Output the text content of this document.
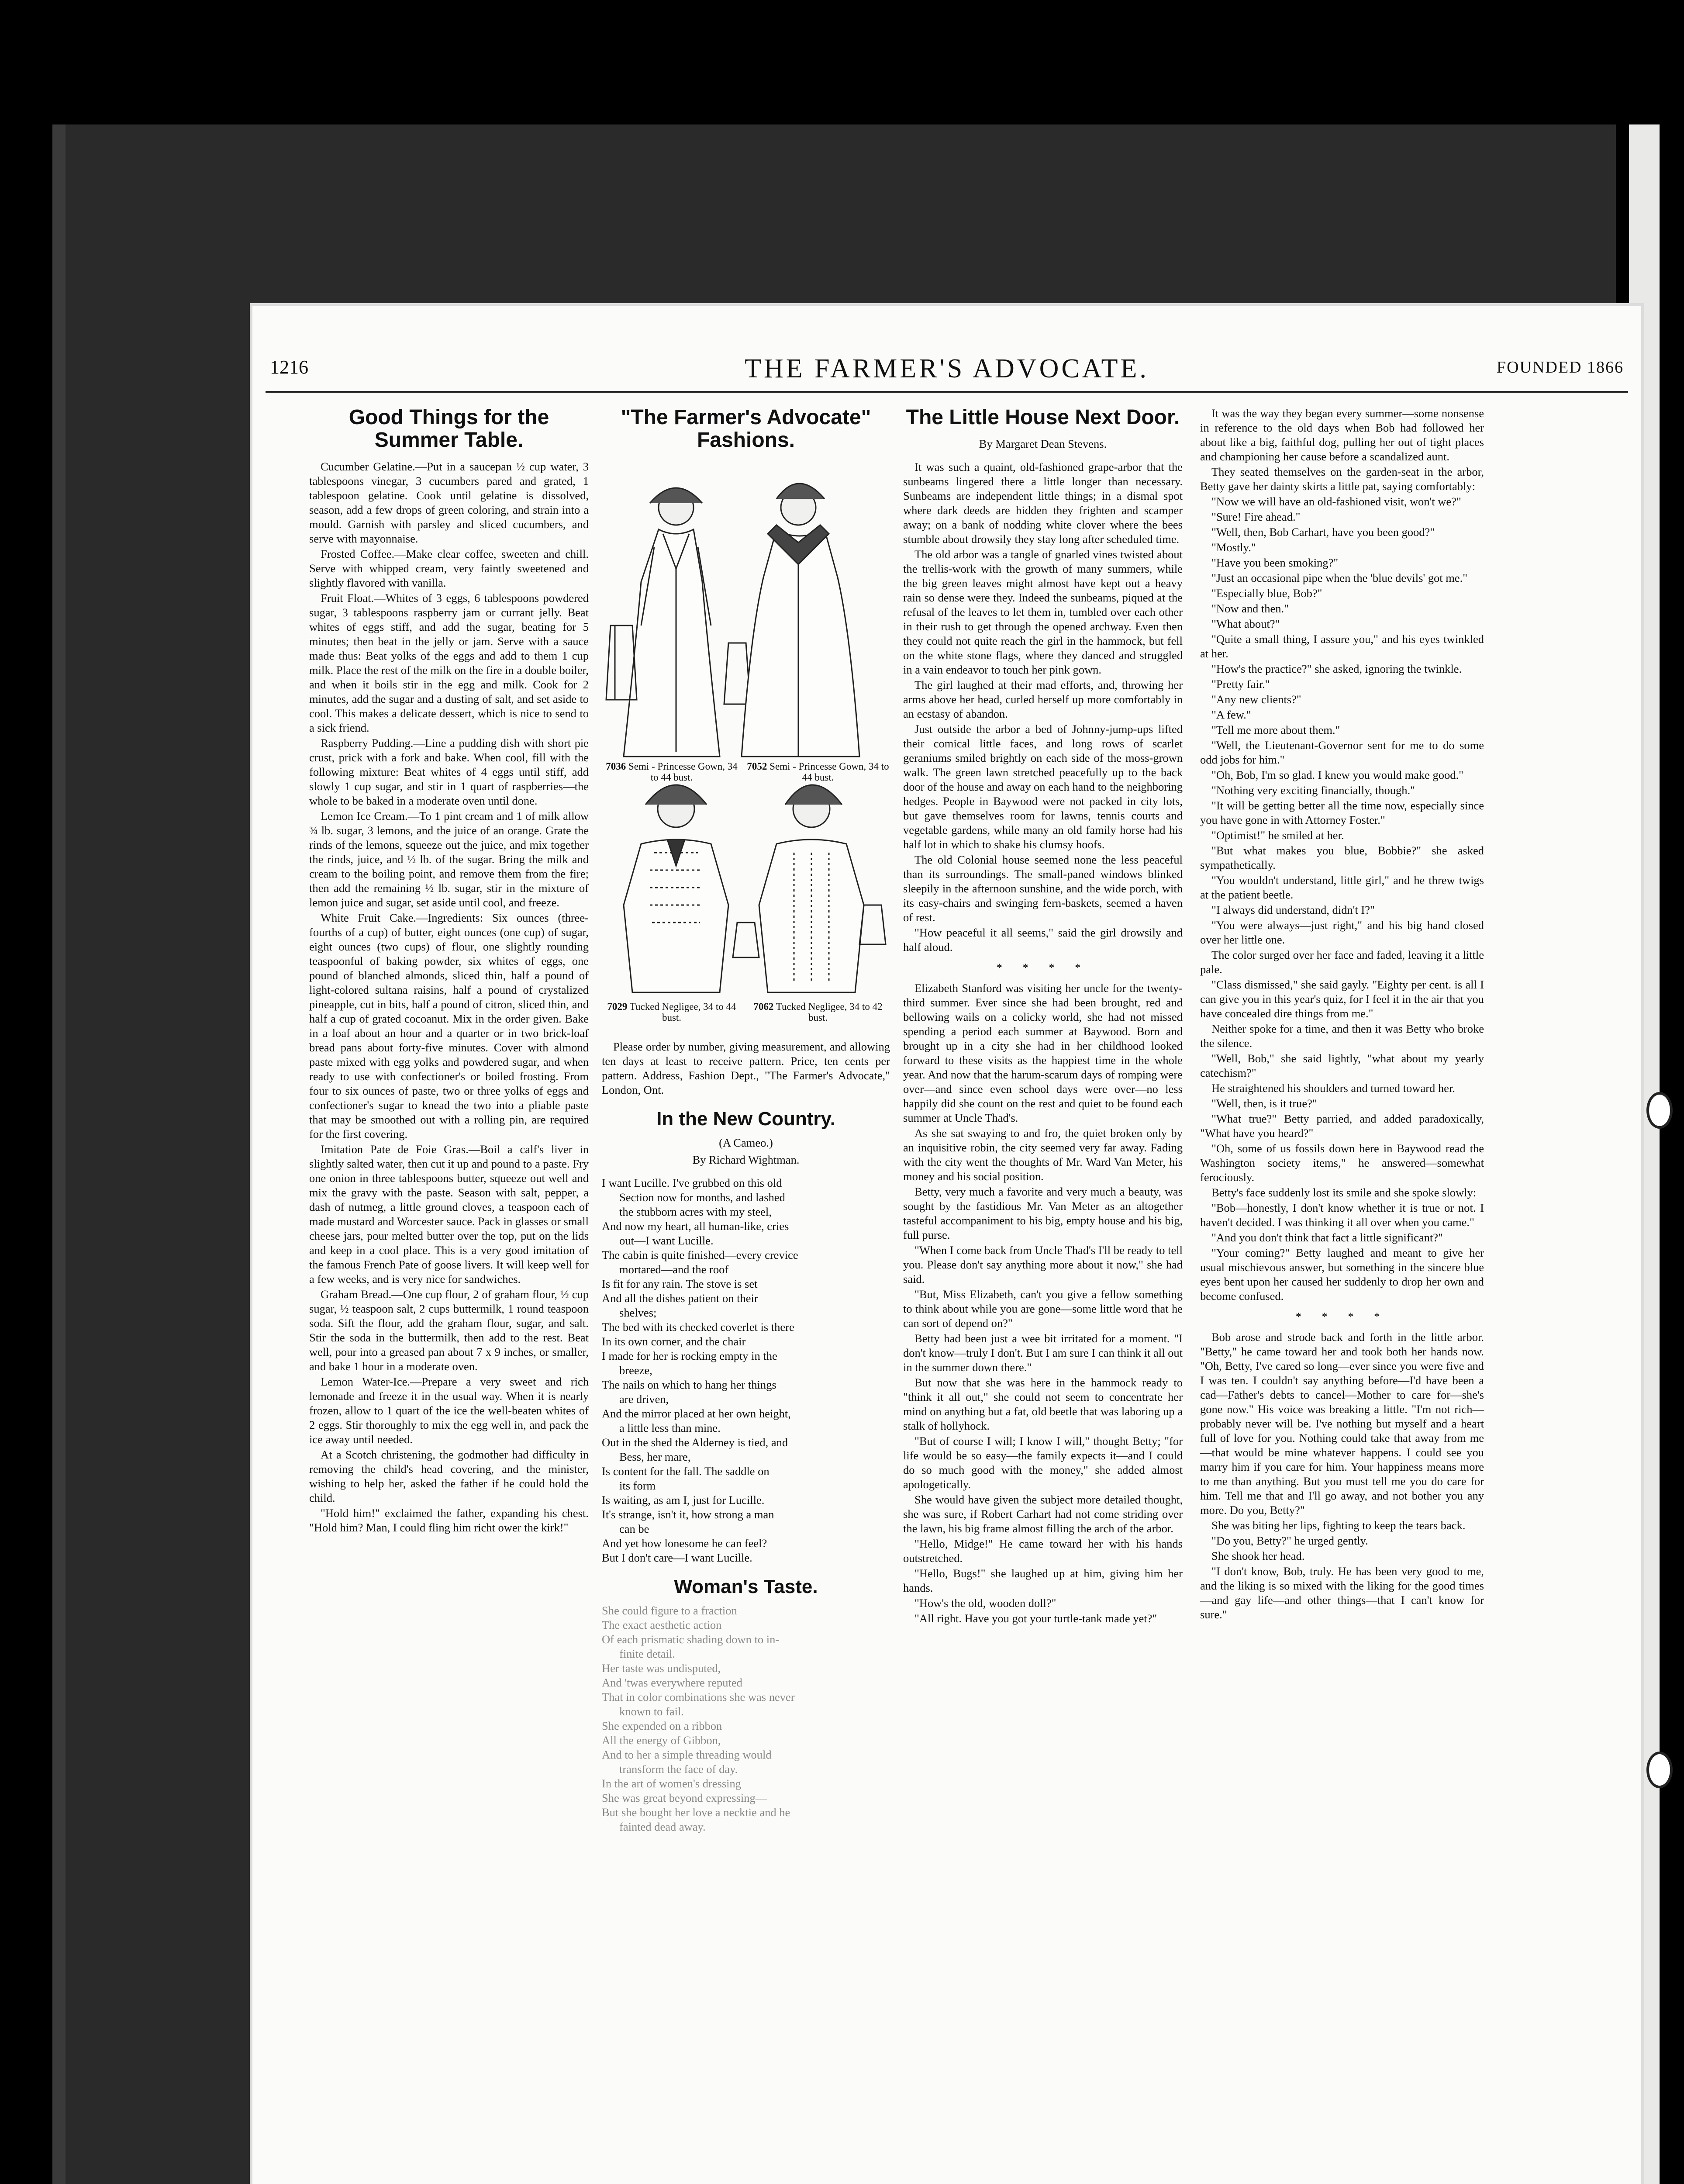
1216	THE FARMER'S ADVOCATE.	FOUNDED 1866
Good Things for the Summer Table.

Cucumber Gelatine.—Put in a saucepan ½ cup water, 3 tablespoons vinegar, 3 cucumbers pared and grated, 1 tablespoon gelatine. Cook until gelatine is dissolved, season, add a few drops of green coloring, and strain into a mould. Garnish with parsley and sliced cucumbers, and serve with mayonnaise.

Frosted Coffee.—Make clear coffee, sweeten and chill. Serve with whipped cream, very faintly sweetened and slightly flavored with vanilla.

Fruit Float.—Whites of 3 eggs, 6 tablespoons powdered sugar, 3 tablespoons raspberry jam or currant jelly. Beat whites of eggs stiff, and add the sugar, beating for 5 minutes; then beat in the jelly or jam. Serve with a sauce made thus: Beat yolks of the eggs and add to them 1 cup milk. Place the rest of the milk on the fire in a double boiler, and when it boils stir in the egg and milk. Cook for 2 minutes, add the sugar and a dusting of salt, and set aside to cool. This makes a delicate dessert, which is nice to send to a sick friend.

Raspberry Pudding.—Line a pudding dish with short pie crust, prick with a fork and bake. When cool, fill with the following mixture: Beat whites of 4 eggs until stiff, add slowly 1 cup sugar, and stir in 1 quart of raspberries—the whole to be baked in a moderate oven until done.

Lemon Ice Cream.—To 1 pint cream and 1 of milk allow ¾ lb. sugar, 3 lemons, and the juice of an orange. Grate the rinds of the lemons, squeeze out the juice, and mix together the rinds, juice, and ½ lb. of the sugar. Bring the milk and cream to the boiling point, and remove them from the fire; then add the remaining ½ lb. sugar, stir in the mixture of lemon juice and sugar, set aside until cool, and freeze.

White Fruit Cake.—Ingredients: Six ounces (three-fourths of a cup) of butter, eight ounces (one cup) of sugar, eight ounces (two cups) of flour, one slightly rounding teaspoonful of baking powder, six whites of eggs, one pound of blanched almonds, sliced thin, half a pound of light-colored sultana raisins, half a pound of crystalized pineapple, cut in bits, half a pound of citron, sliced thin, and half a cup of grated cocoanut. Mix in the order given. Bake in a loaf about an hour and a quarter or in two brick-loaf bread pans about forty-five minutes. Cover with almond paste mixed with egg yolks and powdered sugar, and when ready to use with confectioner's or boiled frosting. From four to six ounces of paste, two or three yolks of eggs and confectioner's sugar to knead the two into a pliable paste that may be smoothed out with a rolling pin, are required for the first covering.

Imitation Pate de Foie Gras.—Boil a calf's liver in slightly salted water, then cut it up and pound to a paste. Fry one onion in three tablespoons butter, squeeze out well and mix the gravy with the paste. Season with salt, pepper, a dash of nutmeg, a little ground cloves, a teaspoon each of made mustard and Worcester sauce. Pack in glasses or small cheese jars, pour melted butter over the top, put on the lids and keep in a cool place. This is a very good imitation of the famous French Pate of goose livers. It will keep well for a few weeks, and is very nice for sandwiches.

Graham Bread.—One cup flour, 2 of graham flour, ½ cup sugar, ½ teaspoon salt, 2 cups buttermilk, 1 round teaspoon soda. Sift the flour, add the graham flour, sugar, and salt. Stir the soda in the buttermilk, then add to the rest. Beat well, pour into a greased pan about 7 x 9 inches, or smaller, and bake 1 hour in a moderate oven.

Lemon Water-Ice.—Prepare a very sweet and rich lemonade and freeze it in the usual way. When it is nearly frozen, allow to 1 quart of the ice the well-beaten whites of 2 eggs. Stir thoroughly to mix the egg well in, and pack the ice away until needed.

At a Scotch christening, the godmother had difficulty in removing the child's head covering, and the minister, wishing to help her, asked the father if he could hold the child.

"Hold him!" exclaimed the father, expanding his chest. "Hold him? Man, I could fling him richt ower the kirk!"

"The Farmer's Advocate" Fashions.
7036 Semi - Princesse Gown, 34 to 44 bust.
7052 Semi - Princesse Gown, 34 to 44 bust.
7029 Tucked Negligee, 34 to 44 bust.
7062 Tucked Negligee, 34 to 42 bust.

Please order by number, giving measurement, and allowing ten days at least to receive pattern. Price, ten cents per pattern. Address, Fashion Dept., "The Farmer's Advocate," London, Ont.

In the New Country.
(A Cameo.)
By Richard Wightman.
I want Lucille. I've grubbed on this old
Section now for months, and lashed
the stubborn acres with my steel,
And now my heart, all human-like, cries
out—I want Lucille.
The cabin is quite finished—every crevice
mortared—and the roof
Is fit for any rain. The stove is set
And all the dishes patient on their
shelves;
The bed with its checked coverlet is there
In its own corner, and the chair
I made for her is rocking empty in the
breeze,
The nails on which to hang her things
are driven,
And the mirror placed at her own height,
a little less than mine.
Out in the shed the Alderney is tied, and
Bess, her mare,
Is content for the fall. The saddle on
its form
Is waiting, as am I, just for Lucille.
It's strange, isn't it, how strong a man
can be
And yet how lonesome he can feel?
But I don't care—I want Lucille.
Woman's Taste.
She could figure to a fraction
The exact aesthetic action
Of each prismatic shading down to in-
finite detail.
Her taste was undisputed,
And 'twas everywhere reputed
That in color combinations she was never
known to fail.
She expended on a ribbon
All the energy of Gibbon,
And to her a simple threading would
transform the face of day.
In the art of women's dressing
She was great beyond expressing—
But she bought her love a necktie and he
fainted dead away.
The Little House Next Door.
By Margaret Dean Stevens.

It was such a quaint, old-fashioned grape-arbor that the sunbeams lingered there a little longer than necessary. Sunbeams are independent little things; in a dismal spot where dark deeds are hidden they frighten and scamper away; on a bank of nodding white clover where the bees stumble about drowsily they stay long after scheduled time.

The old arbor was a tangle of gnarled vines twisted about the trellis-work with the growth of many summers, while the big green leaves might almost have kept out a heavy rain so dense were they. Indeed the sunbeams, piqued at the refusal of the leaves to let them in, tumbled over each other in their rush to get through the opened archway. Even then they could not quite reach the girl in the hammock, but fell on the white stone flags, where they danced and struggled in a vain endeavor to touch her pink gown.

The girl laughed at their mad efforts, and, throwing her arms above her head, curled herself up more comfortably in an ecstasy of abandon.

Just outside the arbor a bed of Johnny-jump-ups lifted their comical little faces, and long rows of scarlet geraniums smiled brightly on each side of the moss-grown walk. The green lawn stretched peacefully up to the back door of the house and away on each hand to the neighboring hedges. People in Baywood were not packed in city lots, but gave themselves room for lawns, tennis courts and vegetable gardens, while many an old family horse had his half lot in which to shake his clumsy hoofs.

The old Colonial house seemed none the less peaceful than its surroundings. The small-paned windows blinked sleepily in the afternoon sunshine, and the wide porch, with its easy-chairs and swinging fern-baskets, seemed a haven of rest.

"How peaceful it all seems," said the girl drowsily and half aloud.

* * * *

Elizabeth Stanford was visiting her uncle for the twenty-third summer. Ever since she had been brought, red and bellowing wails on a colicky world, she had not missed spending a period each summer at Baywood. Born and brought up in a city she had in her childhood looked forward to these visits as the happiest time in the whole year. And now that the harum-scarum days of romping were over—and since even school days were over—no less happily did she count on the rest and quiet to be found each summer at Uncle Thad's.

As she sat swaying to and fro, the quiet broken only by an inquisitive robin, the city seemed very far away. Fading with the city went the thoughts of Mr. Ward Van Meter, his money and his social position.

Betty, very much a favorite and very much a beauty, was sought by the fastidious Mr. Van Meter as an altogether tasteful accompaniment to his big, empty house and his big, full purse.

"When I come back from Uncle Thad's I'll be ready to tell you. Please don't say anything more about it now," she had said.

"But, Miss Elizabeth, can't you give a fellow something to think about while you are gone—some little word that he can sort of depend on?"

Betty had been just a wee bit irritated for a moment. "I don't know—truly I don't. But I am sure I can think it all out in the summer down there."

But now that she was here in the hammock ready to "think it all out," she could not seem to concentrate her mind on anything but a fat, old beetle that was laboring up a stalk of hollyhock.

"But of course I will; I know I will," thought Betty; "for life would be so easy—the family expects it—and I could do so much good with the money," she added almost apologetically.

She would have given the subject more detailed thought, she was sure, if Robert Carhart had not come striding over the lawn, his big frame almost filling the arch of the arbor.

"Hello, Midge!" He came toward her with his hands outstretched.

"Hello, Bugs!" she laughed up at him, giving him her hands.

"How's the old, wooden doll?"

"All right. Have you got your turtle-tank made yet?"

It was the way they began every summer—some nonsense in reference to the old days when Bob had followed her about like a big, faithful dog, pulling her out of tight places and championing her cause before a scandalized aunt.

They seated themselves on the garden-seat in the arbor, Betty gave her dainty skirts a little pat, saying comfortably:

"Now we will have an old-fashioned visit, won't we?"

"Sure! Fire ahead."

"Well, then, Bob Carhart, have you been good?"

"Mostly."

"Have you been smoking?"

"Just an occasional pipe when the 'blue devils' got me."

"Especially blue, Bob?"

"Now and then."

"What about?"

"Quite a small thing, I assure you," and his eyes twinkled at her.

"How's the practice?" she asked, ignoring the twinkle.

"Pretty fair."

"Any new clients?"

"A few."

"Tell me more about them."

"Well, the Lieutenant-Governor sent for me to do some odd jobs for him."

"Oh, Bob, I'm so glad. I knew you would make good."

"Nothing very exciting financially, though."

"It will be getting better all the time now, especially since you have gone in with Attorney Foster."

"Optimist!" he smiled at her.

"But what makes you blue, Bobbie?" she asked sympathetically.

"You wouldn't understand, little girl," and he threw twigs at the patient beetle.

"I always did understand, didn't I?"

"You were always—just right," and his big hand closed over her little one.

The color surged over her face and faded, leaving it a little pale.

"Class dismissed," she said gayly. "Eighty per cent. is all I can give you in this year's quiz, for I feel it in the air that you have concealed dire things from me."

Neither spoke for a time, and then it was Betty who broke the silence.

"Well, Bob," she said lightly, "what about my yearly catechism?"

He straightened his shoulders and turned toward her.

"Well, then, is it true?"

"What true?" Betty parried, and added paradoxically, "What have you heard?"

"Oh, some of us fossils down here in Baywood read the Washington society items," he answered—somewhat ferociously.

Betty's face suddenly lost its smile and she spoke slowly:

"Bob—honestly, I don't know whether it is true or not. I haven't decided. I was thinking it all over when you came."

"And you don't think that fact a little significant?"

"Your coming?" Betty laughed and meant to give her usual mischievous answer, but something in the sincere blue eyes bent upon her caused her suddenly to drop her own and become confused.

* * * *

Bob arose and strode back and forth in the little arbor. "Betty," he came toward her and took both her hands now. "Oh, Betty, I've cared so long—ever since you were five and I was ten. I couldn't say anything before—I'd have been a cad—Father's debts to cancel—Mother to care for—she's gone now." His voice was breaking a little. "I'm not rich—probably never will be. I've nothing but myself and a heart full of love for you. Nothing could take that away from me—that would be mine whatever happens. I could see you marry him if you care for him. Your happiness means more to me than anything. But you must tell me you do care for him. Tell me that and I'll go away, and not bother you any more. Do you, Betty?"

She was biting her lips, fighting to keep the tears back.

"Do you, Betty?" he urged gently.

She shook her head.

"I don't know, Bob, truly. He has been very good to me, and the liking is so mixed with the liking for the good times—and gay life—and other things—that I can't know for sure."
